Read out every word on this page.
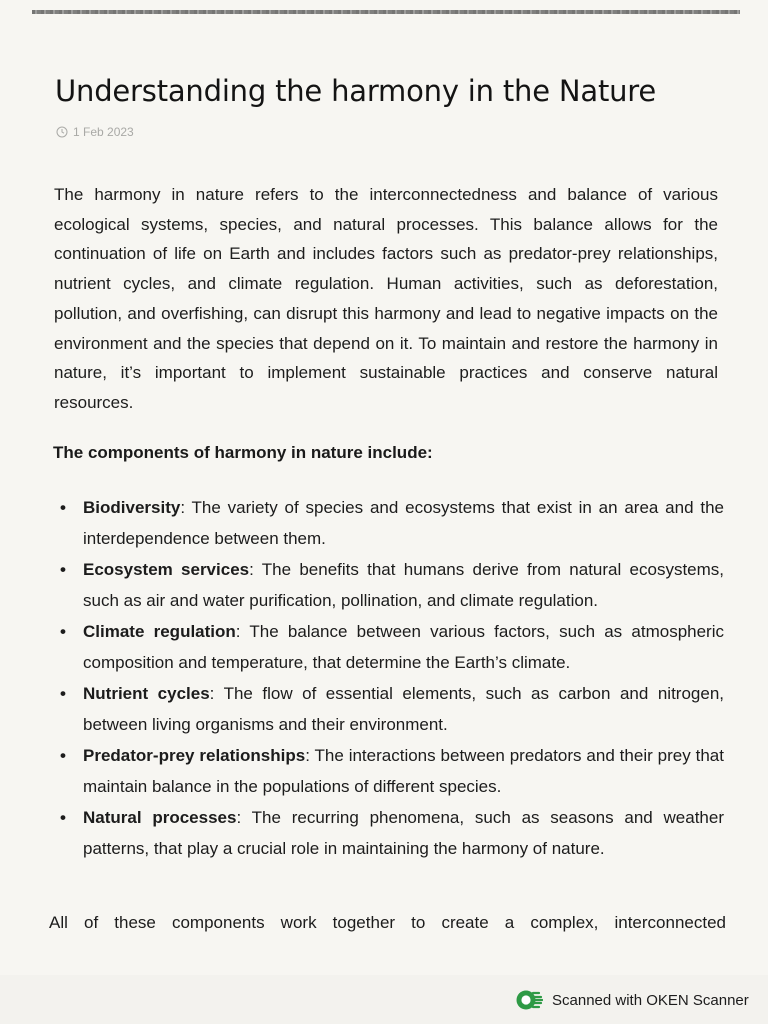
Understanding the harmony in the Nature
1 Feb 2023

The harmony in nature refers to the interconnectedness and balance of various ecological systems, species, and natural processes. This balance allows for the continuation of life on Earth and includes factors such as predator-prey relationships, nutrient cycles, and climate regulation. Human activities, such as deforestation, pollution, and overfishing, can disrupt this harmony and lead to negative impacts on the environment and the species that depend on it. To maintain and restore the harmony in nature, it’s important to implement sustainable practices and conserve natural resources.

The components of harmony in nature include:
• Biodiversity: The variety of species and ecosystems that exist in an area and the interdependence between them.
• Ecosystem services: The benefits that humans derive from natural ecosystems, such as air and water purification, pollination, and climate regulation.
• Climate regulation: The balance between various factors, such as atmospheric composition and temperature, that determine the Earth’s climate.
• Nutrient cycles: The flow of essential elements, such as carbon and nitrogen, between living organisms and their environment.
• Predator-prey relationships: The interactions between predators and their prey that maintain balance in the populations of different species.
• Natural processes: The recurring phenomena, such as seasons and weather patterns, that play a crucial role in maintaining the harmony of nature.

All of these components work together to create a complex, interconnected

Scanned with OKEN Scanner
